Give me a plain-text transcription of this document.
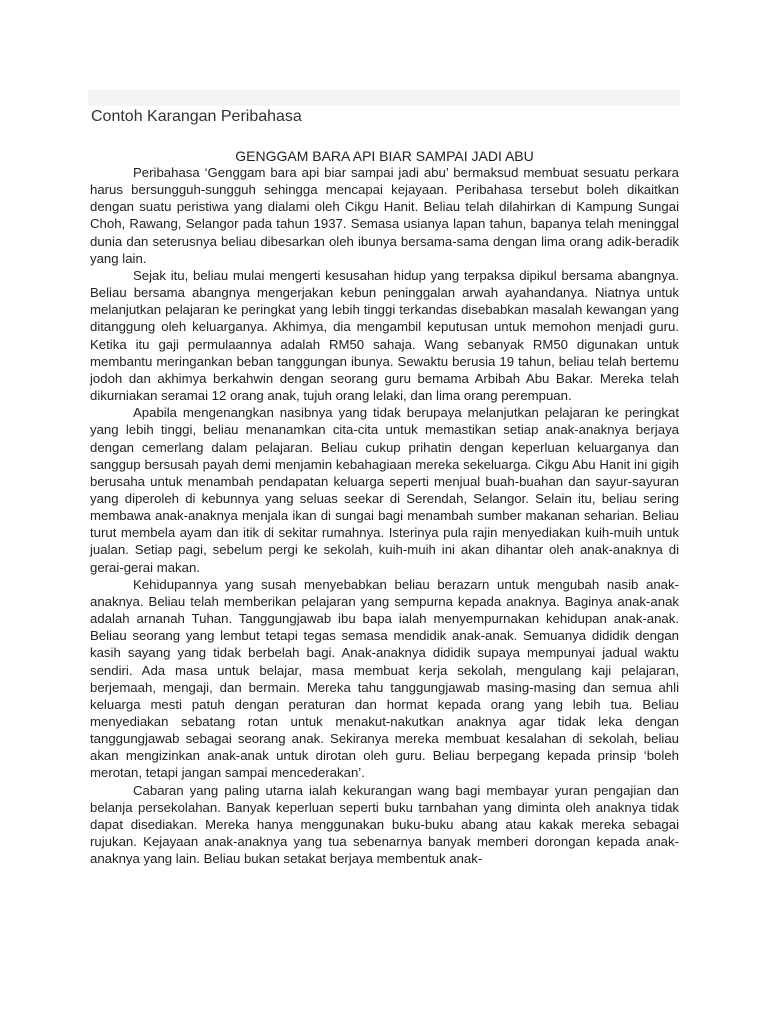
Contoh Karangan Peribahasa
GENGGAM BARA API BIAR SAMPAI JADI ABU

Peribahasa ‘Genggam bara api biar sampai jadi abu’ bermaksud membuat sesuatu perkara harus bersungguh-sungguh sehingga mencapai kejayaan. Peribahasa tersebut boleh dikaitkan dengan suatu peristiwa yang dialami oleh Cikgu Hanit. Beliau telah dilahirkan di Kampung Sungai Choh, Rawang, Selangor pada tahun 1937. Semasa usianya lapan tahun, bapanya telah meninggal dunia dan seterusnya beliau dibesarkan oleh ibunya bersama-sama dengan lima orang adik-beradik yang lain.

Sejak itu, beliau mulai mengerti kesusahan hidup yang terpaksa dipikul bersama abangnya. Beliau bersama abangnya mengerjakan kebun peninggalan arwah ayahandanya. Niatnya untuk melanjutkan pelajaran ke peringkat yang lebih tinggi terkandas disebabkan masalah kewangan yang ditanggung oleh keluarganya. Akhimya, dia mengambil keputusan untuk memohon menjadi guru. Ketika itu gaji permulaannya adalah RM50 sahaja. Wang sebanyak RM50 digunakan untuk membantu meringankan beban tanggungan ibunya. Sewaktu berusia 19 tahun, beliau telah bertemu jodoh dan akhimya berkahwin dengan seorang guru bemama Arbibah Abu Bakar. Mereka telah dikurniakan seramai 12 orang anak, tujuh orang lelaki, dan lima orang perempuan.

Apabila mengenangkan nasibnya yang tidak berupaya melanjutkan pelajaran ke peringkat yang lebih tinggi, beliau menanamkan cita-cita untuk memastikan setiap anak-anaknya berjaya dengan cemerlang dalam pelajaran. Beliau cukup prihatin dengan keperluan keluarganya dan sanggup bersusah payah demi menjamin kebahagiaan mereka sekeluarga. Cikgu Abu Hanit ini gigih berusaha untuk menambah pendapatan keluarga seperti menjual buah-buahan dan sayur-sayuran yang diperoleh di kebunnya yang seluas seekar di Serendah, Selangor. Selain itu, beliau sering membawa anak-anaknya menjala ikan di sungai bagi menambah sumber makanan seharian. Beliau turut membela ayam dan itik di sekitar rumahnya. Isterinya pula rajin menyediakan kuih-muih untuk jualan. Setiap pagi, sebelum pergi ke sekolah, kuih-muih ini akan dihantar oleh anak-anaknya di gerai-gerai makan.

Kehidupannya yang susah menyebabkan beliau berazarn untuk mengubah nasib anak-anaknya. Beliau telah memberikan pelajaran yang sempurna kepada anaknya. Baginya anak-anak adalah arnanah Tuhan. Tanggungjawab ibu bapa ialah menyempurnakan kehidupan anak-anak. Beliau seorang yang lembut tetapi tegas semasa mendidik anak-anak. Semuanya dididik dengan kasih sayang yang tidak berbelah bagi. Anak-anaknya dididik supaya mempunyai jadual waktu sendiri. Ada masa untuk belajar, masa membuat kerja sekolah, mengulang kaji pelajaran, berjemaah, mengaji, dan bermain. Mereka tahu tanggungjawab masing-masing dan semua ahli keluarga mesti patuh dengan peraturan dan hormat kepada orang yang lebih tua. Beliau menyediakan sebatang rotan untuk menakut-nakutkan anaknya agar tidak leka dengan tanggungjawab sebagai seorang anak. Sekiranya mereka membuat kesalahan di sekolah, beliau akan mengizinkan anak-anak untuk dirotan oleh guru. Beliau berpegang kepada prinsip ‘boleh merotan, tetapi jangan sampai mencederakan’.

Cabaran yang paling utarna ialah kekurangan wang bagi membayar yuran pengajian dan belanja persekolahan. Banyak keperluan seperti buku tarnbahan yang diminta oleh anaknya tidak dapat disediakan. Mereka hanya menggunakan buku-buku abang atau kakak mereka sebagai rujukan. Kejayaan anak-anaknya yang tua sebenarnya banyak memberi dorongan kepada anak-anaknya yang lain. Beliau bukan setakat berjaya membentuk anak-
